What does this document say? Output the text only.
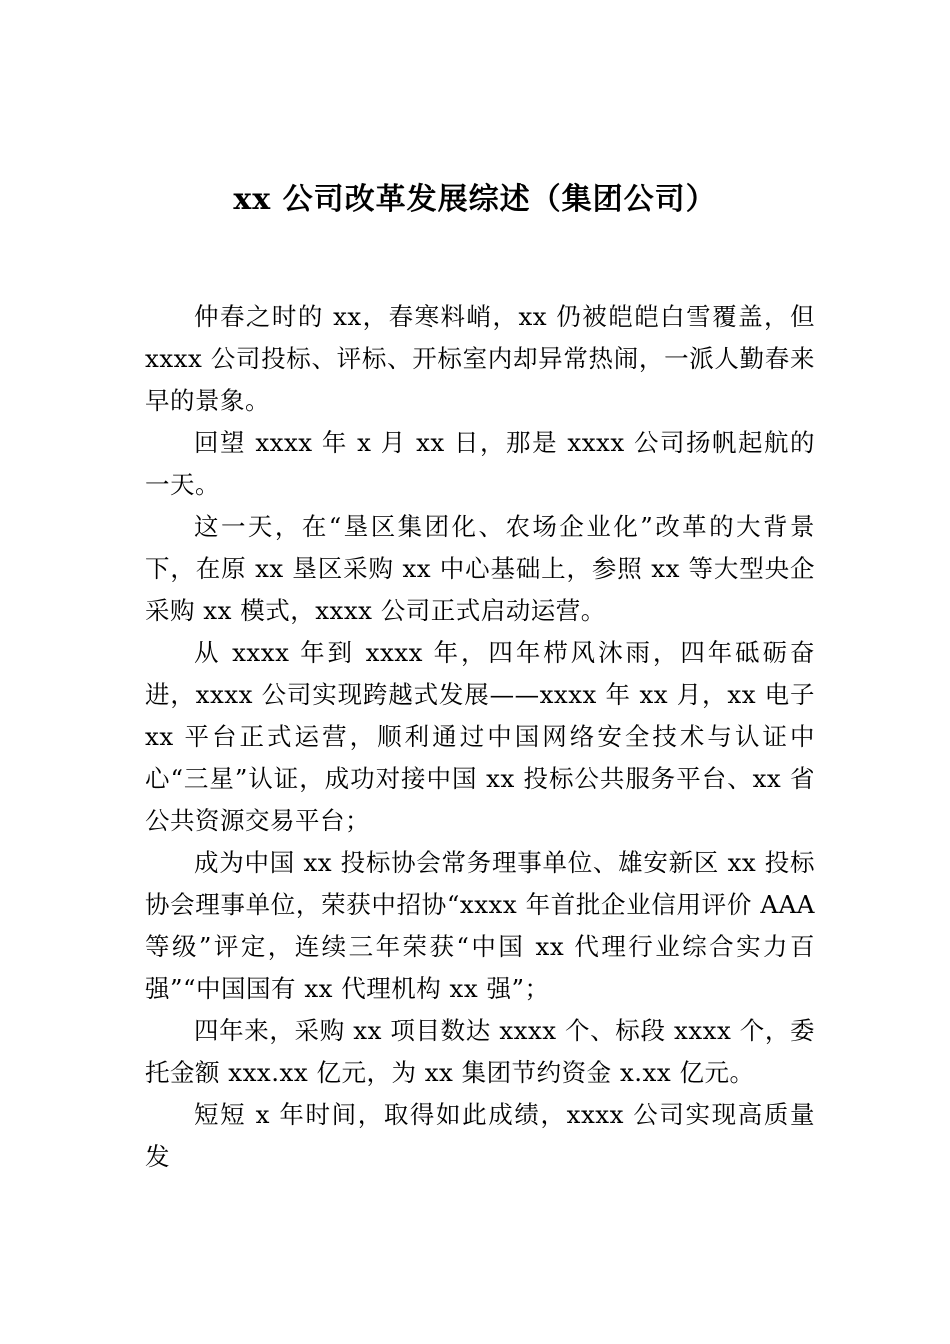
xx 公司改革发展综述（集团公司）

仲春之时的 xx，春寒料峭，xx 仍被皑皑白雪覆盖，但 xxxx 公司投标、评标、开标室内却异常热闹，一派人勤春来早的景象。

回望 xxxx 年 x 月 xx 日，那是 xxxx 公司扬帆起航的一天。

这一天，在“垦区集团化、农场企业化”改革的大背景下，在原 xx 垦区采购 xx 中心基础上，参照 xx 等大型央企采购 xx 模式，xxxx 公司正式启动运营。

从 xxxx 年到 xxxx 年，四年栉风沐雨，四年砥砺奋进，xxxx 公司实现跨越式发展——xxxx 年 xx 月，xx 电子 xx 平台正式运营，顺利通过中国网络安全技术与认证中心“三星”认证，成功对接中国 xx 投标公共服务平台、xx 省公共资源交易平台；

成为中国 xx 投标协会常务理事单位、雄安新区 xx 投标协会理事单位，荣获中招协“xxxx 年首批企业信用评价 AAA 等级”评定，连续三年荣获“中国 xx 代理行业综合实力百强”“中国国有 xx 代理机构 xx 强”；

四年来，采购 xx 项目数达 xxxx 个、标段 xxxx 个，委托金额 xxx.xx 亿元，为 xx 集团节约资金 x.xx 亿元。

短短 x 年时间，取得如此成绩，xxxx 公司实现高质量发
